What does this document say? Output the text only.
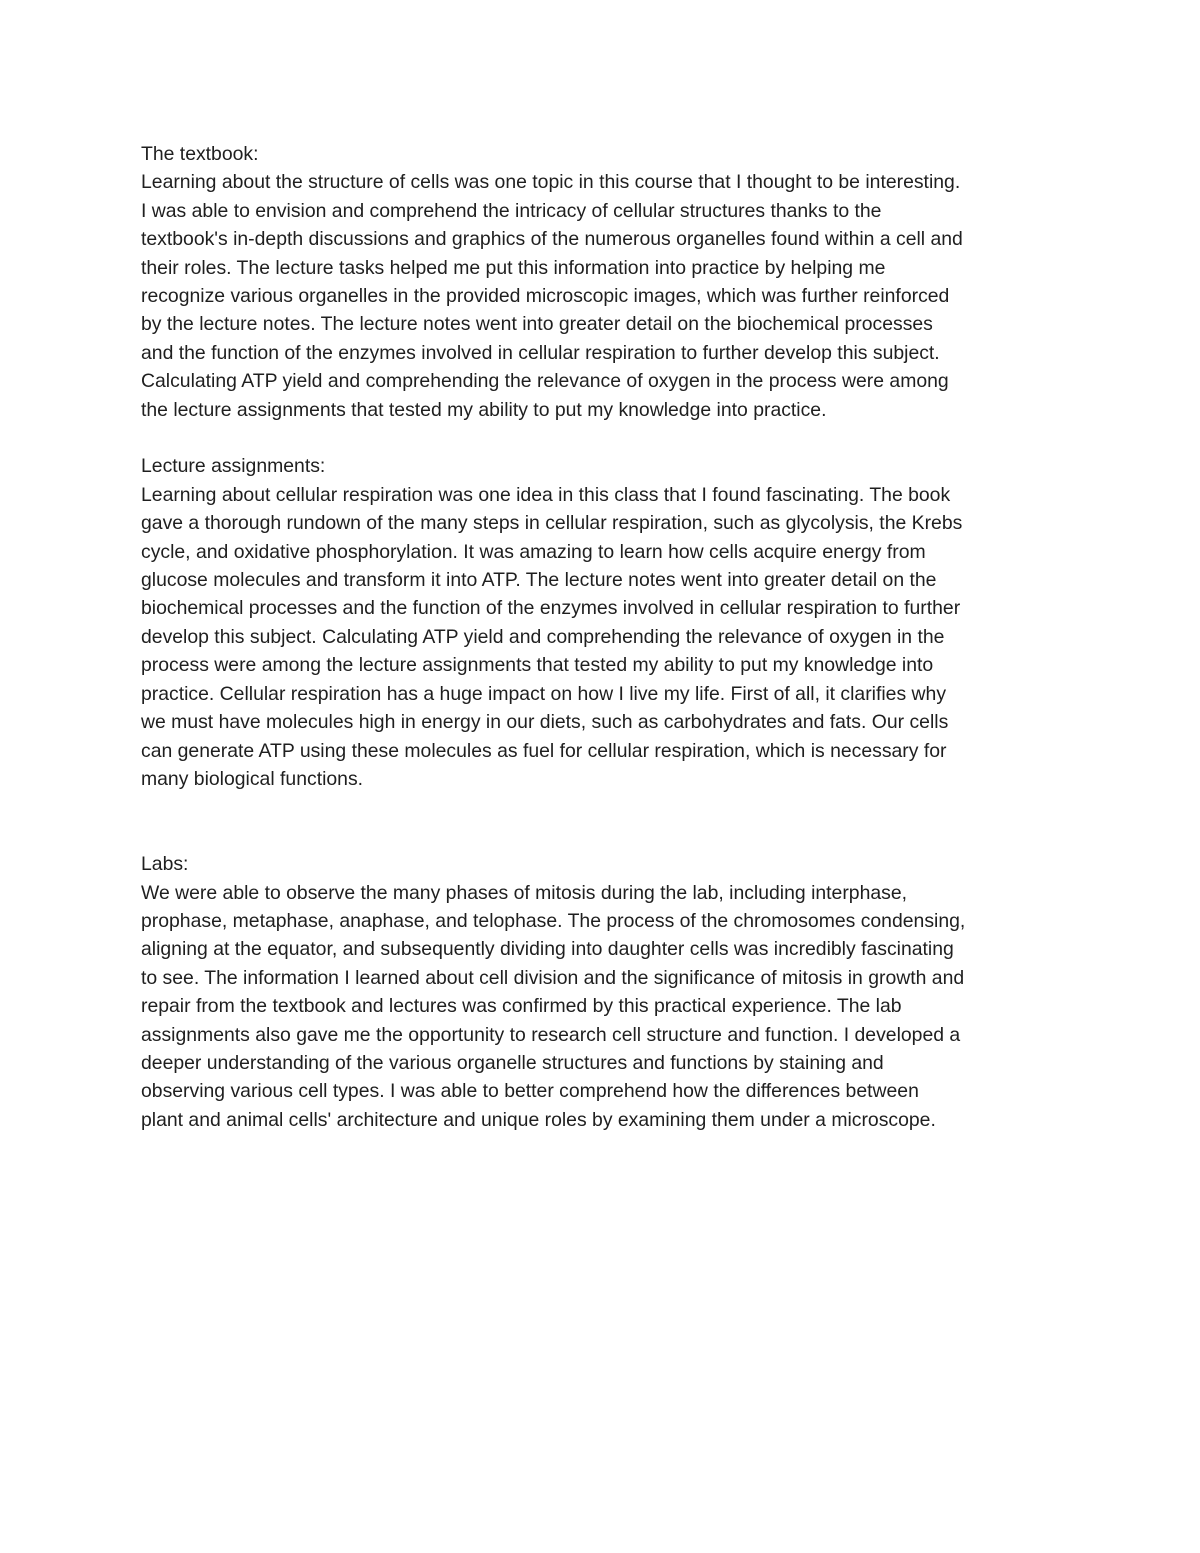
The textbook:

Learning about the structure of cells was one topic in this course that I thought to be interesting.
I was able to envision and comprehend the intricacy of cellular structures thanks to the
textbook's in-depth discussions and graphics of the numerous organelles found within a cell and
their roles. The lecture tasks helped me put this information into practice by helping me
recognize various organelles in the provided microscopic images, which was further reinforced
by the lecture notes. The lecture notes went into greater detail on the biochemical processes
and the function of the enzymes involved in cellular respiration to further develop this subject.
Calculating ATP yield and comprehending the relevance of oxygen in the process were among
the lecture assignments that tested my ability to put my knowledge into practice.

Lecture assignments:

Learning about cellular respiration was one idea in this class that I found fascinating. The book
gave a thorough rundown of the many steps in cellular respiration, such as glycolysis, the Krebs
cycle, and oxidative phosphorylation. It was amazing to learn how cells acquire energy from
glucose molecules and transform it into ATP. The lecture notes went into greater detail on the
biochemical processes and the function of the enzymes involved in cellular respiration to further
develop this subject. Calculating ATP yield and comprehending the relevance of oxygen in the
process were among the lecture assignments that tested my ability to put my knowledge into
practice. Cellular respiration has a huge impact on how I live my life. First of all, it clarifies why
we must have molecules high in energy in our diets, such as carbohydrates and fats. Our cells
can generate ATP using these molecules as fuel for cellular respiration, which is necessary for
many biological functions.

Labs:

We were able to observe the many phases of mitosis during the lab, including interphase,
prophase, metaphase, anaphase, and telophase. The process of the chromosomes condensing,
aligning at the equator, and subsequently dividing into daughter cells was incredibly fascinating
to see. The information I learned about cell division and the significance of mitosis in growth and
repair from the textbook and lectures was confirmed by this practical experience. The lab
assignments also gave me the opportunity to research cell structure and function. I developed a
deeper understanding of the various organelle structures and functions by staining and
observing various cell types. I was able to better comprehend how the differences between
plant and animal cells' architecture and unique roles by examining them under a microscope.
